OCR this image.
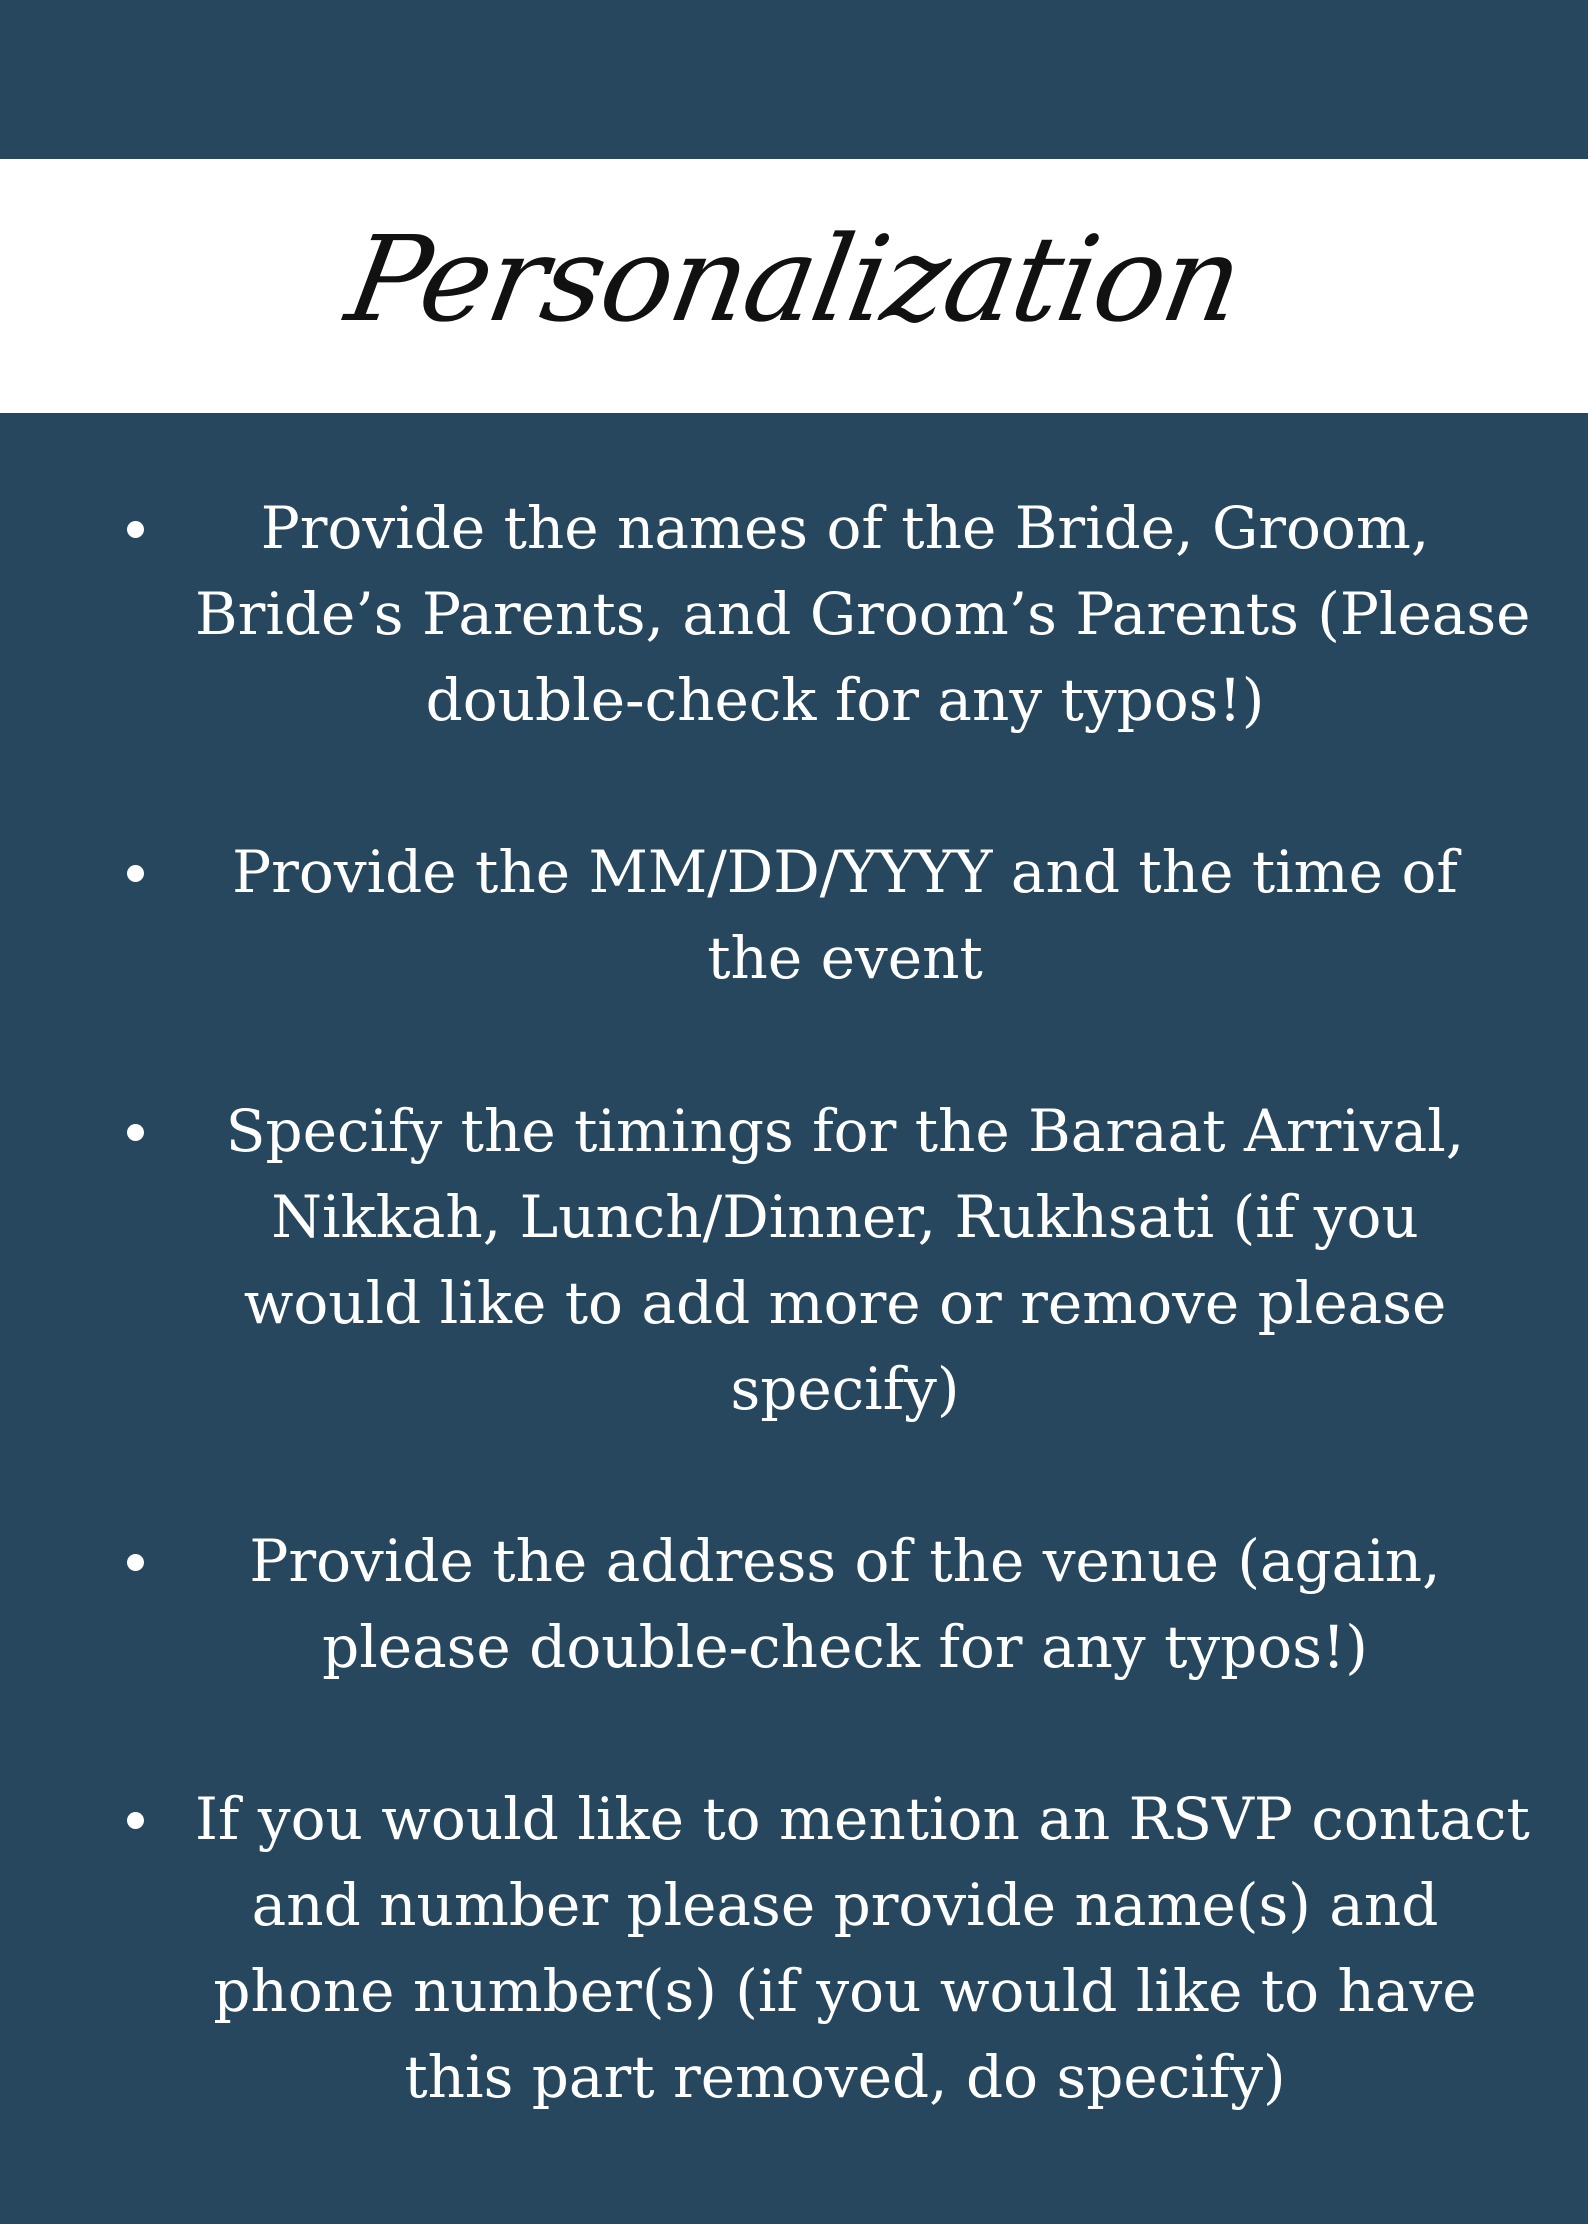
Personalization
Provide the names of the Bride, Groom,
Bride’s Parents, and Groom’s Parents (Please
double-check for any typos!)
Provide the MM/DD/YYYY and the time of
the event
Specify the timings for the Baraat Arrival,
Nikkah, Lunch/Dinner, Rukhsati (if you
would like to add more or remove please
specify)
Provide the address of the venue (again,
please double-check for any typos!)
If you would like to mention an RSVP contact
and number please provide name(s) and
phone number(s) (if you would like to have
this part removed, do specify)
